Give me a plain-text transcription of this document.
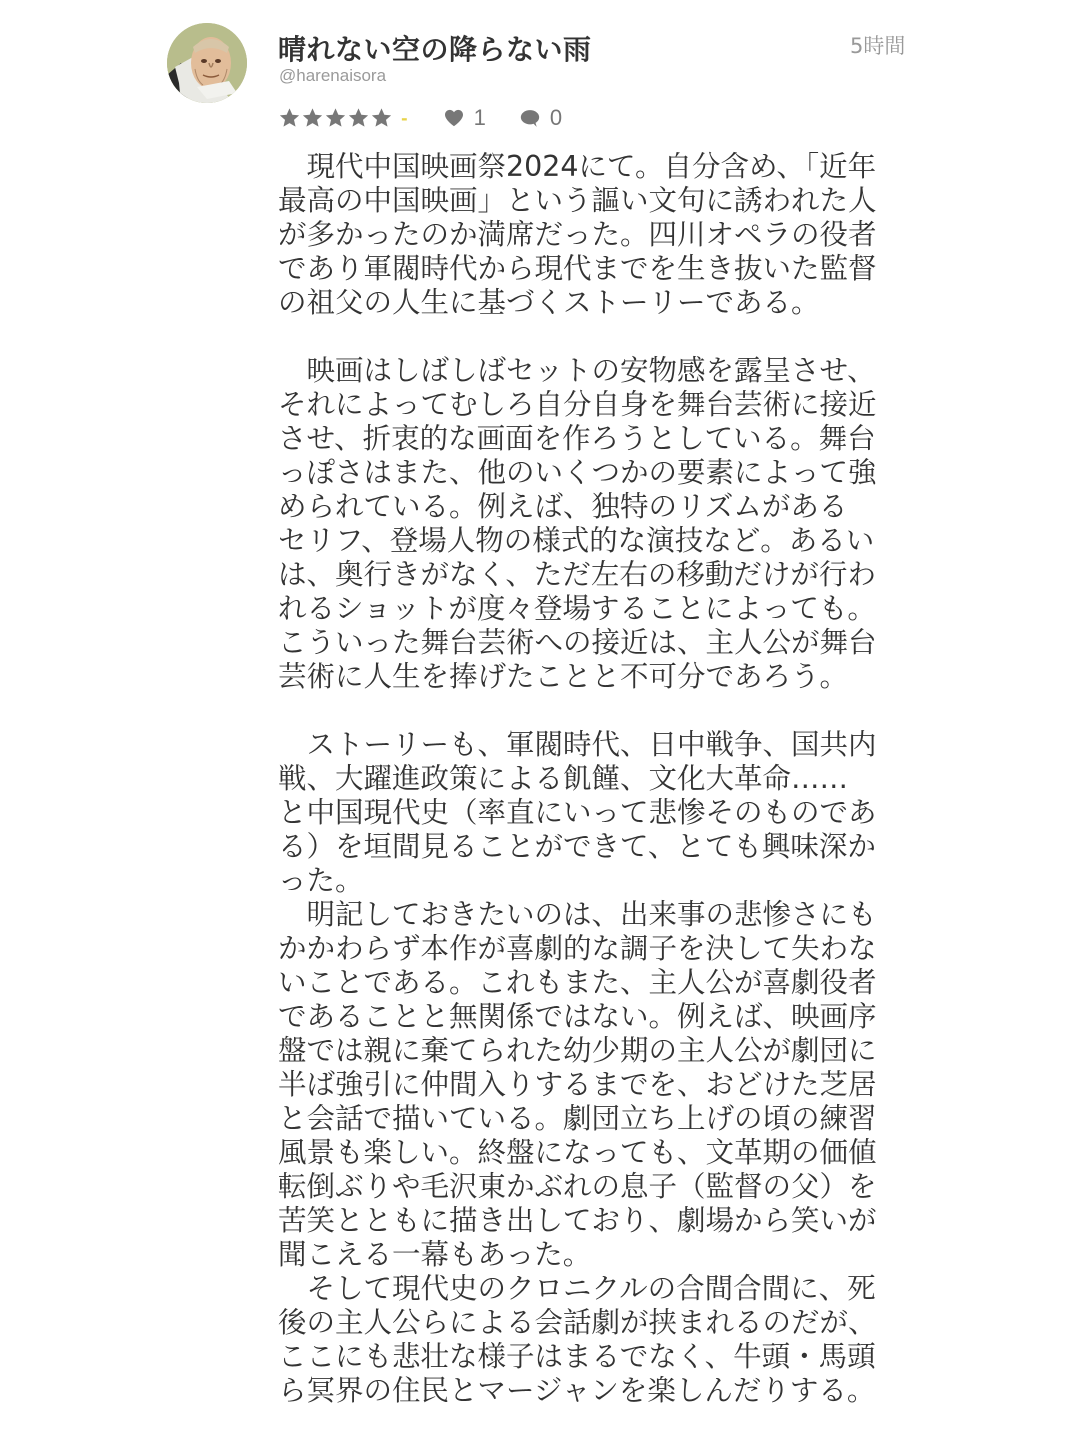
晴れない空の降らない雨
@harenaisora
5時間
-	1	0

　現代中国映画祭2024にて。自分含め、「近年
最高の中国映画」という謳い文句に誘われた人
が多かったのか満席だった。四川オペラの役者
であり軍閥時代から現代までを生き抜いた監督
の祖父の人生に基づくストーリーである。

　映画はしばしばセットの安物感を露呈させ、
それによってむしろ自分自身を舞台芸術に接近
させ、折衷的な画面を作ろうとしている。舞台
っぽさはまた、他のいくつかの要素によって強
められている。例えば、独特のリズムがある
セリフ、登場人物の様式的な演技など。あるい
は、奥行きがなく、ただ左右の移動だけが行わ
れるショットが度々登場することによっても。
こういった舞台芸術への接近は、主人公が舞台
芸術に人生を捧げたことと不可分であろう。

　ストーリーも、軍閥時代、日中戦争、国共内
戦、大躍進政策による飢饉、文化大革命……
と中国現代史（率直にいって悲惨そのものであ
る）を垣間見ることができて、とても興味深か
った。

　明記しておきたいのは、出来事の悲惨さにも
かかわらず本作が喜劇的な調子を決して失わな
いことである。これもまた、主人公が喜劇役者
であることと無関係ではない。例えば、映画序
盤では親に棄てられた幼少期の主人公が劇団に
半ば強引に仲間入りするまでを、おどけた芝居
と会話で描いている。劇団立ち上げの頃の練習
風景も楽しい。終盤になっても、文革期の価値
転倒ぶりや毛沢東かぶれの息子（監督の父）を
苦笑とともに描き出しており、劇場から笑いが
聞こえる一幕もあった。

　そして現代史のクロニクルの合間合間に、死
後の主人公らによる会話劇が挟まれるのだが、
ここにも悲壮な様子はまるでなく、牛頭・馬頭
ら冥界の住民とマージャンを楽しんだりする。
